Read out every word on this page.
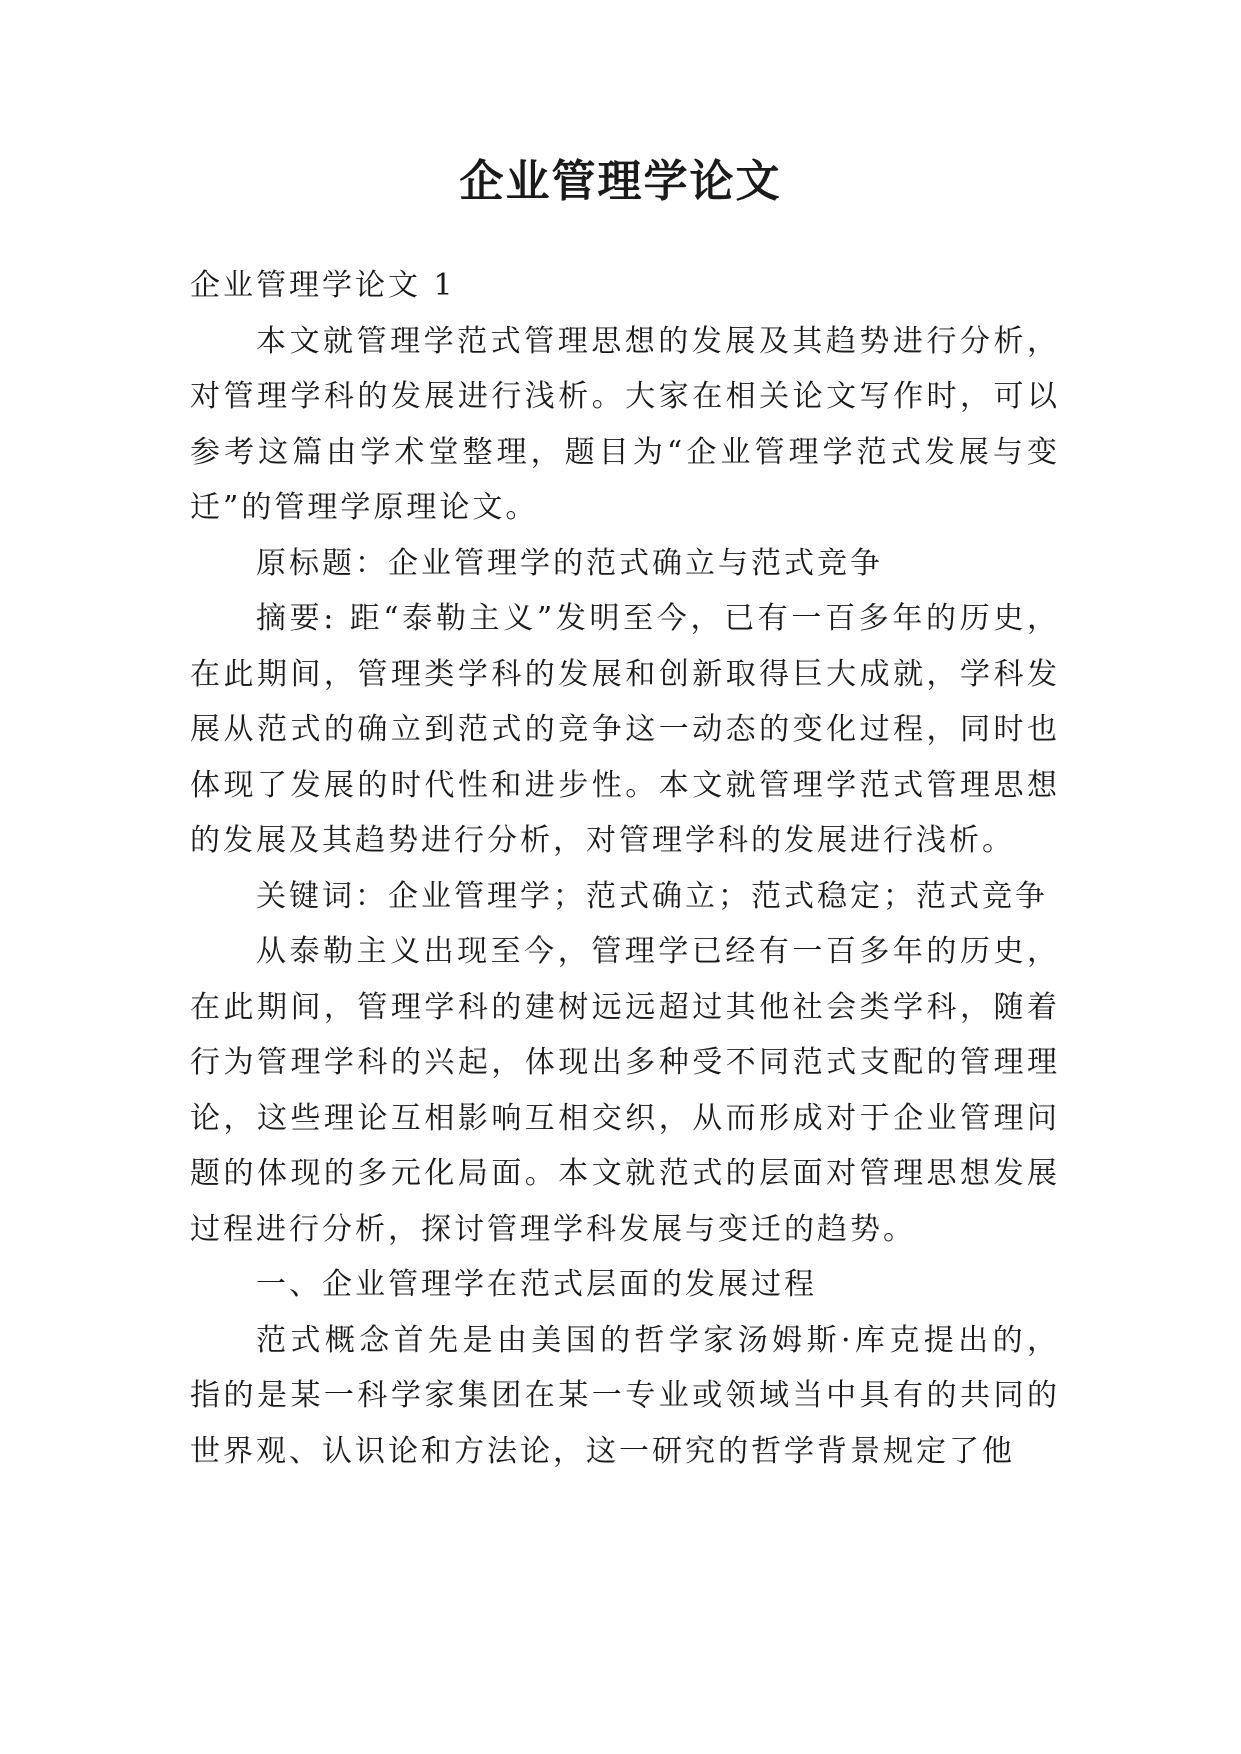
企业管理学论文

企业管理学论文 1

本文就管理学范式管理思想的发展及其趋势进行分析，对管理学科的发展进行浅析。大家在相关论文写作时，可以参考这篇由学术堂整理，题目为“企业管理学范式发展与变迁”的管理学原理论文。

原标题：企业管理学的范式确立与范式竞争

摘要: 距“泰勒主义”发明至今，已有一百多年的历史，在此期间，管理类学科的发展和创新取得巨大成就，学科发展从范式的确立到范式的竞争这一动态的变化过程，同时也体现了发展的时代性和进步性。本文就管理学范式管理思想的发展及其趋势进行分析，对管理学科的发展进行浅析。

关键词：企业管理学；范式确立；范式稳定；范式竞争

从泰勒主义出现至今，管理学已经有一百多年的历史，在此期间，管理学科的建树远远超过其他社会类学科，随着行为管理学科的兴起，体现出多种受不同范式支配的管理理论，这些理论互相影响互相交织，从而形成对于企业管理问题的体现的多元化局面。本文就范式的层面对管理思想发展过程进行分析，探讨管理学科发展与变迁的趋势。

一、企业管理学在范式层面的发展过程

范式概念首先是由美国的哲学家汤姆斯·库克提出的，指的是某一科学家集团在某一专业或领域当中具有的共同的世界观、认识论和方法论，这一研究的哲学背景规定了他
